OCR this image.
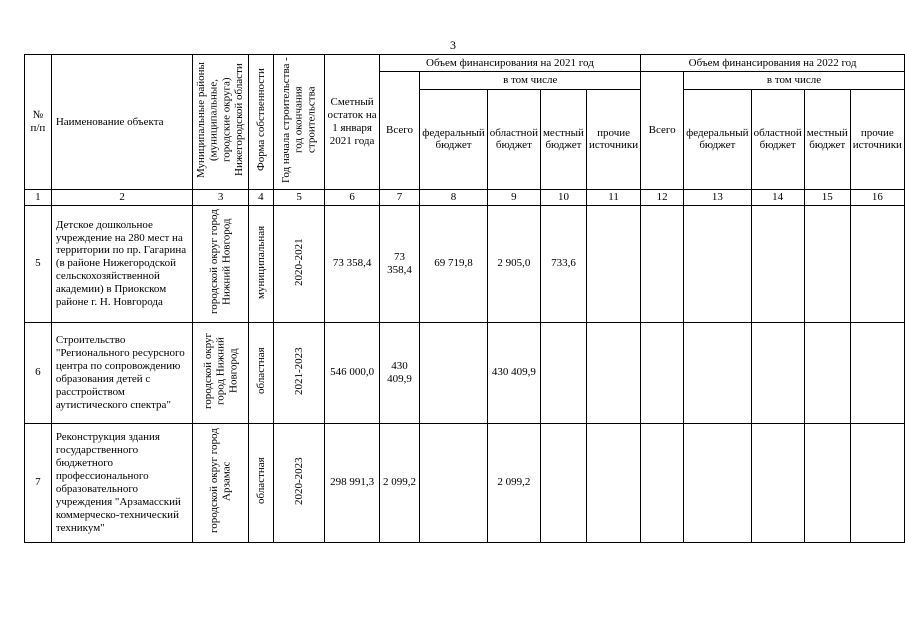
3
№
п/п	Наименование объекта	Муниципальные районы (муниципальные, городские округа) Нижегородской области	Форма собственности	Год начала строительства - год окончания строительства	Сметный остаток на 1 января 2021 года	Объем финансирования на 2021 год					Объем финансирования на 2022 год				
						Всего	в том числе				Всего	в том числе			
							федеральный бюджет	областной бюджет	местный бюджет	прочие источники		федеральный бюджет	областной бюджет	местный бюджет	прочие источники
1	2	3	4	5	6	7	8	9	10	11	12	13	14	15	16
5	Детское дошкольное учреждение на 280 мест на территории по пр. Гагарина (в районе Нижегородской сельскохозяйственной академии) в Приокском районе г. Н. Новгорода	городской округ город Нижний Новгород	муниципальная	2020-2021	73 358,4	73 358,4	69 719,8	2 905,0	733,6						
6	Строительство "Регионального ресурсного центра по сопровождению образования детей с расстройством аутистического спектра"	городской округ город Нижний Новгород	областная	2021-2023	546 000,0	430 409,9		430 409,9							
7	Реконструкция здания государственного бюджетного профессионального образовательного учреждения "Арзамасский коммерческо-технический техникум"	городской округ город Арзамас	областная	2020-2023	298 991,3	2 099,2		2 099,2							
